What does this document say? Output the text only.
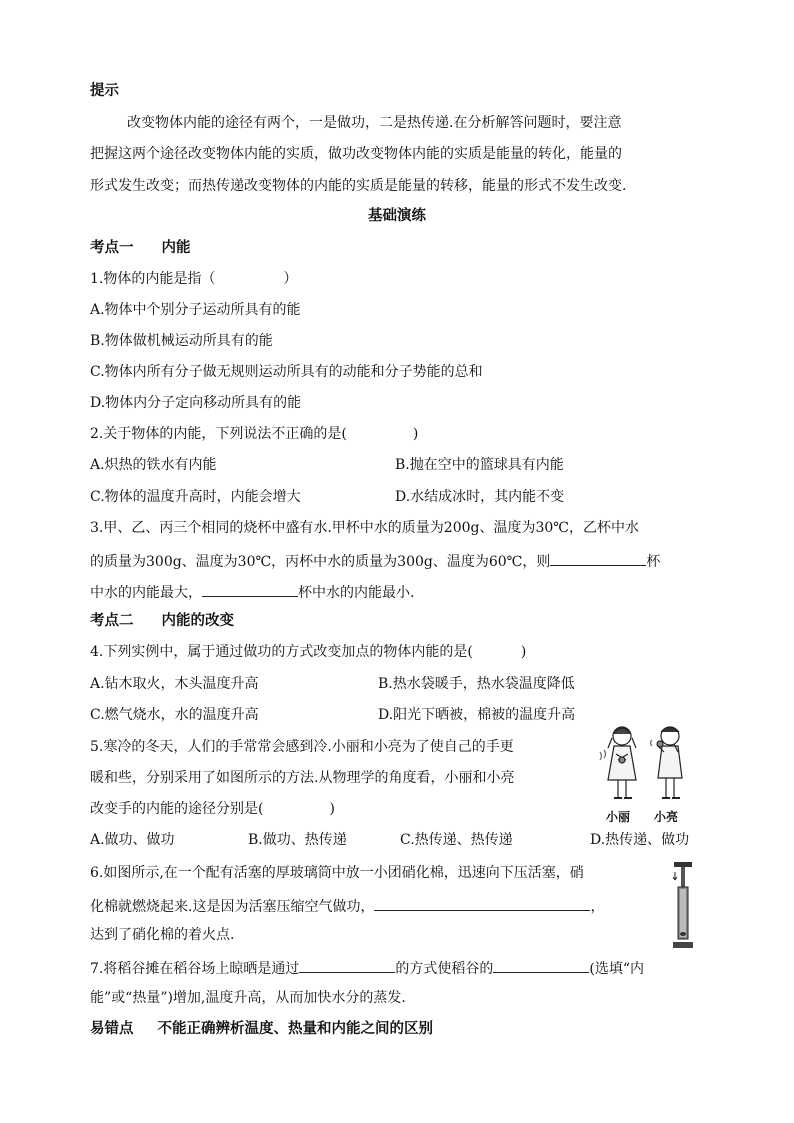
提示
改变物体内能的途径有两个，一是做功，二是热传递.在分析解答问题时，要注意
把握这两个途径改变物体内能的实质，做功改变物体内能的实质是能量的转化，能量的
形式发生改变；而热传递改变物体的内能的实质是能量的转移，能量的形式不发生改变.
基础演练
考点一 内能
1.物体的内能是指（	）
A.物体中个别分子运动所具有的能
B.物体做机械运动所具有的能
C.物体内所有分子做无规则运动所具有的动能和分子势能的总和
D.物体内分子定向移动所具有的能
2.关于物体的内能，下列说法不正确的是(	)
A.炽热的铁水有内能	B.抛在空中的篮球具有内能
C.物体的温度升高时，内能会增大	D.水结成冰时，其内能不变
3.甲、乙、丙三个相同的烧杯中盛有水.甲杯中水的质量为200g、温度为30℃，乙杯中水
的质量为300g、温度为30℃，丙杯中水的质量为300g、温度为60℃，则	杯
中水的内能最大，	杯中水的内能最小.
考点二 内能的改变
4.下列实例中，属于通过做功的方式改变加点的物体内能的是(	)
A.钻木取火，木头温度升高	B.热水袋暖手，热水袋温度降低
C.燃气烧水，水的温度升高	D.阳光下晒被，棉被的温度升高
5.寒冷的冬天，人们的手常常会感到冷.小丽和小亮为了使自己的手更
暖和些，分别采用了如图所示的方法.从物理学的角度看，小丽和小亮
改变手的内能的途径分别是(	)
A.做功、做功	B.做功、热传递	C.热传递、热传递	D.热传递、做功
小丽 小亮
6.如图所示,在一个配有活塞的厚玻璃筒中放一小团硝化棉，迅速向下压活塞，硝
化棉就燃烧起来.这是因为活塞压缩空气做功，	，
达到了硝化棉的着火点.
7.将稻谷摊在稻谷场上晾晒是通过	的方式使稻谷的	(选填“内
能”或“热量”)增加,温度升高，从而加快水分的蒸发.
易错点 不能正确辨析温度、热量和内能之间的区别
